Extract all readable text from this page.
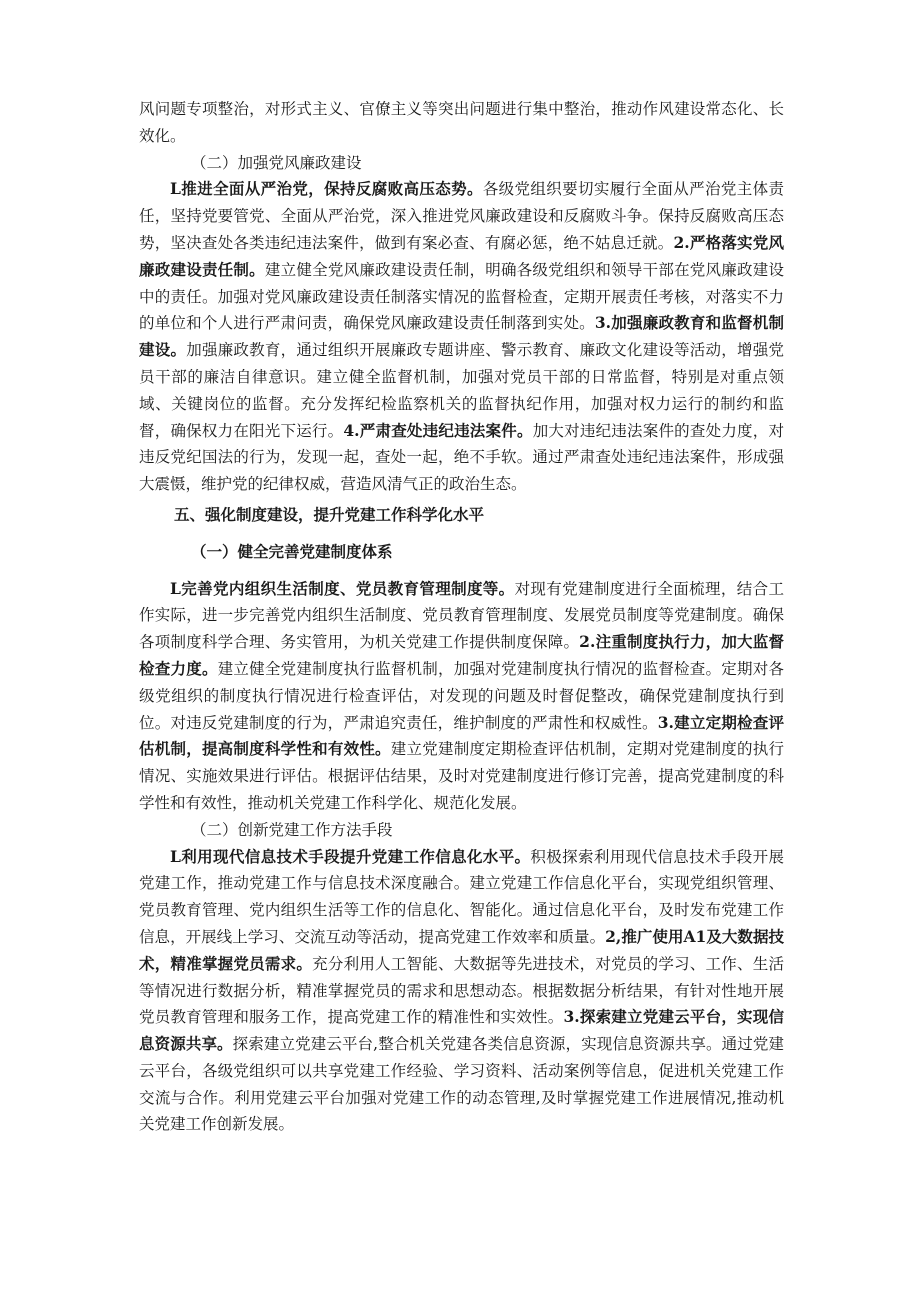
风问题专项整治，对形式主义、官僚主义等突出问题进行集中整治，推动作风建设常态化、长效化。

（二）加强党风廉政建设

L推进全面从严治党，保持反腐败高压态势。各级党组织要切实履行全面从严治党主体责任，坚持党要管党、全面从严治党，深入推进党风廉政建设和反腐败斗争。保持反腐败高压态势，坚决查处各类违纪违法案件，做到有案必查、有腐必惩，绝不姑息迁就。2.严格落实党风廉政建设责任制。建立健全党风廉政建设责任制，明确各级党组织和领导干部在党风廉政建设中的责任。加强对党风廉政建设责任制落实情况的监督检查，定期开展责任考核，对落实不力的单位和个人进行严肃问责，确保党风廉政建设责任制落到实处。3.加强廉政教育和监督机制建设。加强廉政教育，通过组织开展廉政专题讲座、警示教育、廉政文化建设等活动，增强党员干部的廉洁自律意识。建立健全监督机制，加强对党员干部的日常监督，特别是对重点领域、关键岗位的监督。充分发挥纪检监察机关的监督执纪作用，加强对权力运行的制约和监督，确保权力在阳光下运行。4.严肃查处违纪违法案件。加大对违纪违法案件的查处力度，对违反党纪国法的行为，发现一起，查处一起，绝不手软。通过严肃查处违纪违法案件，形成强大震慑，维护党的纪律权威，营造风清气正的政治生态。

五、强化制度建设，提升党建工作科学化水平

（一）健全完善党建制度体系

L完善党内组织生活制度、党员教育管理制度等。对现有党建制度进行全面梳理，结合工作实际，进一步完善党内组织生活制度、党员教育管理制度、发展党员制度等党建制度。确保各项制度科学合理、务实管用，为机关党建工作提供制度保障。2.注重制度执行力，加大监督检查力度。建立健全党建制度执行监督机制，加强对党建制度执行情况的监督检查。定期对各级党组织的制度执行情况进行检查评估，对发现的问题及时督促整改，确保党建制度执行到位。对违反党建制度的行为，严肃追究责任，维护制度的严肃性和权威性。3.建立定期检查评估机制，提高制度科学性和有效性。建立党建制度定期检查评估机制，定期对党建制度的执行情况、实施效果进行评估。根据评估结果，及时对党建制度进行修订完善，提高党建制度的科学性和有效性，推动机关党建工作科学化、规范化发展。

（二）创新党建工作方法手段

L利用现代信息技术手段提升党建工作信息化水平。积极探索利用现代信息技术手段开展党建工作，推动党建工作与信息技术深度融合。建立党建工作信息化平台，实现党组织管理、党员教育管理、党内组织生活等工作的信息化、智能化。通过信息化平台，及时发布党建工作信息，开展线上学习、交流互动等活动，提高党建工作效率和质量。2,推广使用A1及大数据技术，精准掌握党员需求。充分利用人工智能、大数据等先进技术，对党员的学习、工作、生活等情况进行数据分析，精准掌握党员的需求和思想动态。根据数据分析结果，有针对性地开展党员教育管理和服务工作，提高党建工作的精准性和实效性。3.探索建立党建云平台，实现信息资源共享。探索建立党建云平台,整合机关党建各类信息资源，实现信息资源共享。通过党建云平台，各级党组织可以共享党建工作经验、学习资料、活动案例等信息，促进机关党建工作交流与合作。利用党建云平台加强对党建工作的动态管理,及时掌握党建工作进展情况,推动机关党建工作创新发展。
